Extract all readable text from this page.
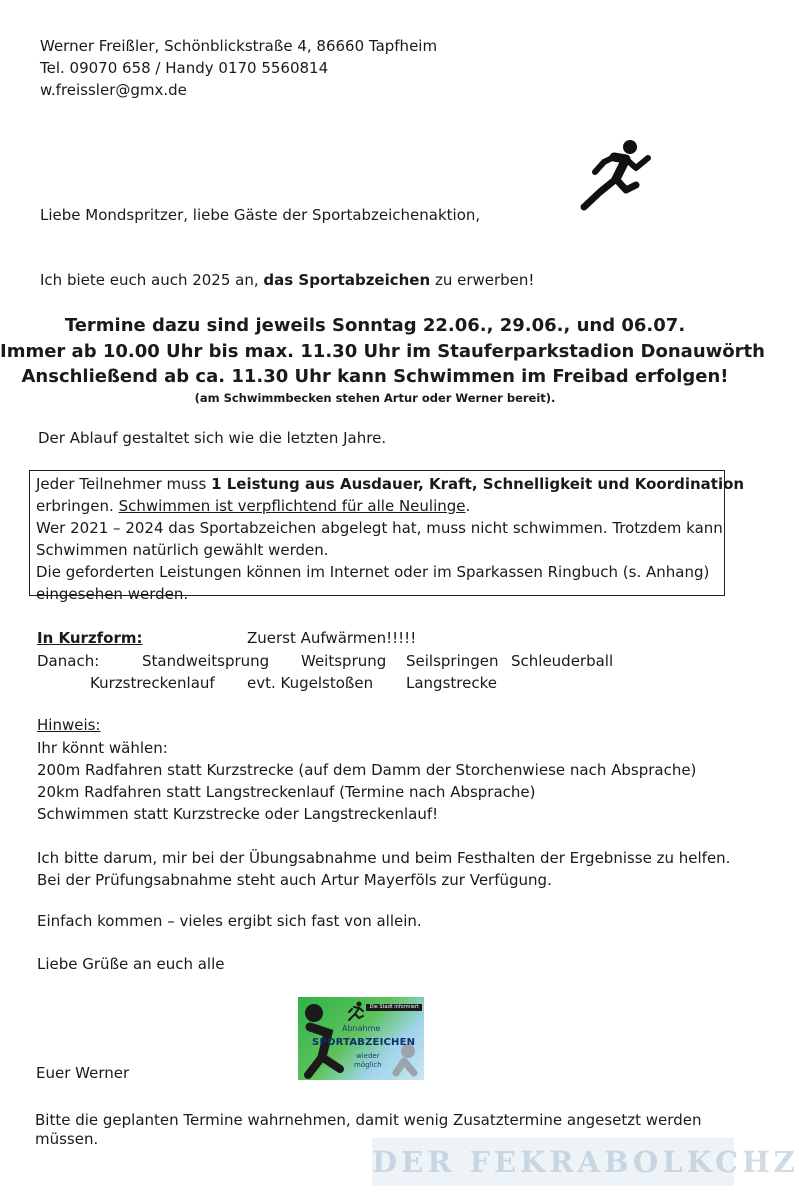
Werner Freißler, Schönblickstraße 4, 86660 Tapfheim
Tel. 09070 658 / Handy 0170 5560814
w.freissler@gmx.de
Liebe Mondspritzer, liebe Gäste der Sportabzeichenaktion,
Ich biete euch auch 2025 an, das Sportabzeichen zu erwerben!
Termine dazu sind jeweils Sonntag 22.06., 29.06., und 06.07.
Immer ab 10.00 Uhr bis max. 11.30 Uhr im Stauferparkstadion Donauwörth
Anschließend ab ca. 11.30 Uhr kann Schwimmen im Freibad erfolgen!
(am Schwimmbecken stehen Artur oder Werner bereit).
Der Ablauf gestaltet sich wie die letzten Jahre.
Jeder Teilnehmer muss 1 Leistung aus Ausdauer, Kraft, Schnelligkeit und Koordination
erbringen. Schwimmen ist verpflichtend für alle Neulinge.
Wer 2021 – 2024 das Sportabzeichen abgelegt hat, muss nicht schwimmen. Trotzdem kann
Schwimmen natürlich gewählt werden.
Die geforderten Leistungen können im Internet oder im Sparkassen Ringbuch (s. Anhang)
eingesehen werden.
In Kurzform:	Zuerst Aufwärmen!!!!!
Danach:	Standweitsprung Weitsprung Seilspringen Schleuderball
Kurzstreckenlauf evt. Kugelstoßen Langstrecke
Hinweis:
Ihr könnt wählen:
200m Radfahren statt Kurzstrecke (auf dem Damm der Storchenwiese nach Absprache)
20km Radfahren statt Langstreckenlauf (Termine nach Absprache)
Schwimmen statt Kurzstrecke oder Langstreckenlauf!
Ich bitte darum, mir bei der Übungsabnahme und beim Festhalten der Ergebnisse zu helfen.
Bei der Prüfungsabnahme steht auch Artur Mayerföls zur Verfügung.
Einfach kommen – vieles ergibt sich fast von allein.
Liebe Grüße an euch alle
Die Stadt informiert
Abnahme
SPORTABZEICHEN
wieder
möglich
Euer Werner
Bitte die geplanten Termine wahrnehmen, damit wenig Zusatztermine angesetzt werden
müssen.
DER FEKRABOLKCHZ
